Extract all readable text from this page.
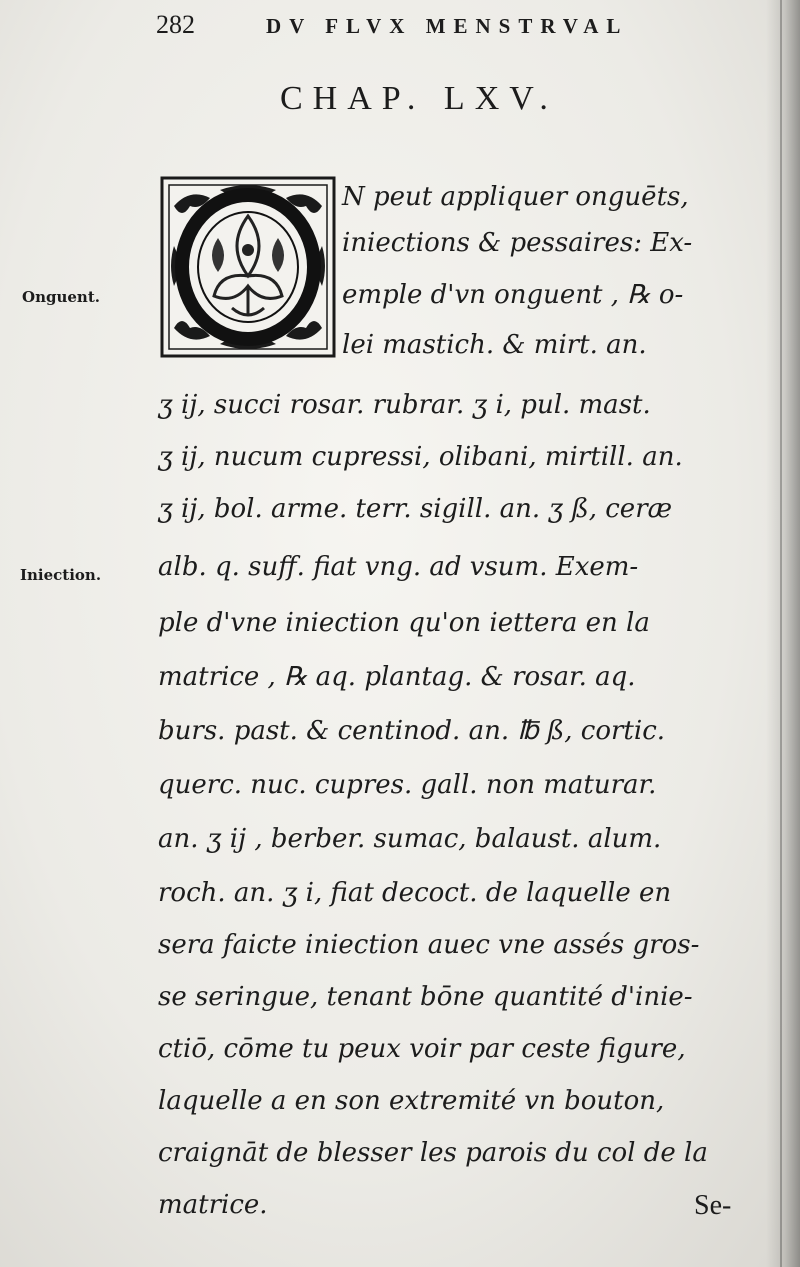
282	DV FLVX MENSTRVAL
CHAP. LXV.
Onguent.
Iniection.
N peut appliquer onguēts,
iniections & pessaires: Ex-
emple d'vn onguent , ℞ o-
lei mastich. & mirt. an.
ʒ ij, succi rosar. rubrar. ʒ i, pul. mast.
ʒ ij, nucum cupressi, olibani, mirtill. an.
ʒ ij, bol. arme. terr. sigill. an. ʒ ß, ceræ
alb. q. suff. fiat vng. ad vsum. Exem-
ple d'vne iniection qu'on iettera en la
matrice , ℞ aq. plantag. & rosar. aq.
burs. past. & centinod. an. ℔ ß, cortic.
querc. nuc. cupres. gall. non maturar.
an. ʒ ij , berber. sumac, balaust. alum.
roch. an. ʒ i, fiat decoct. de laquelle en
sera faicte iniection auec vne assés gros-
se seringue, tenant bōne quantité d'inie-
ctiō, cōme tu peux voir par ceste figure,
laquelle a en son extremité vn bouton,
craignāt de blesser les parois du col de la
matrice.	Se-
